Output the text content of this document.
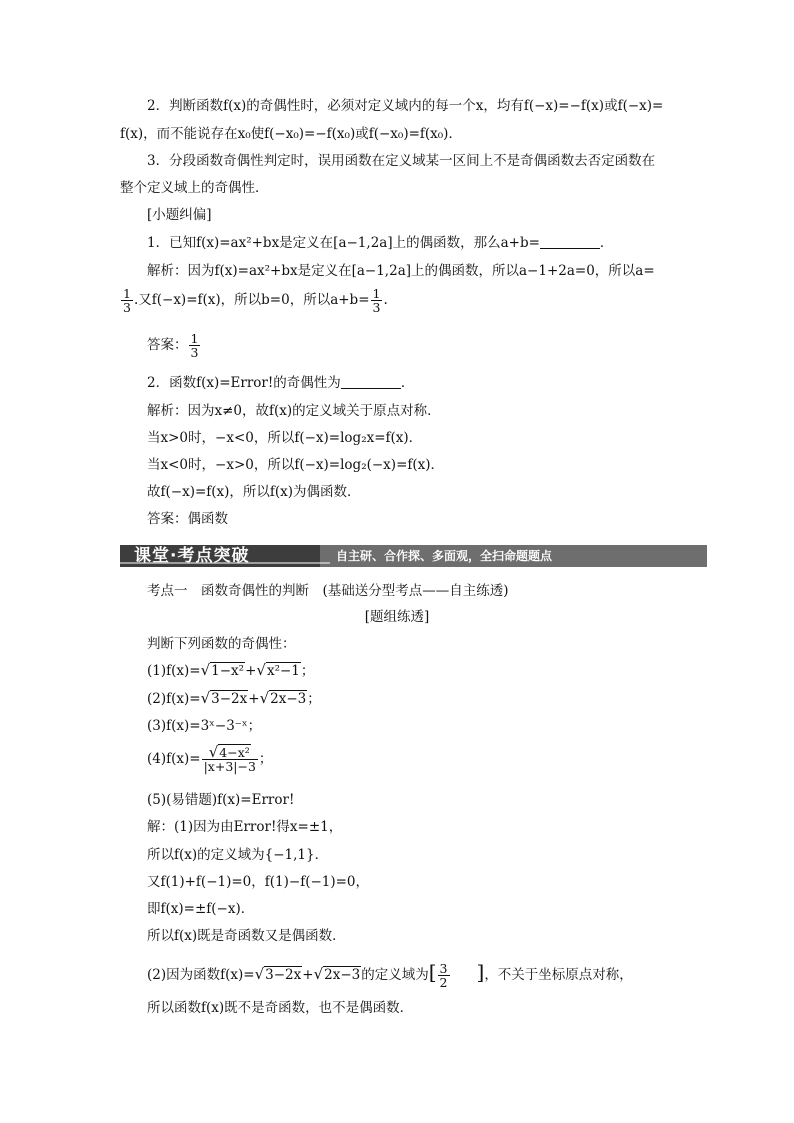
2．判断函数f(x)的奇偶性时，必须对定义域内的每一个x，均有f(−x)=−f(x)或f(−x)=
f(x)，而不能说存在x₀使f(−x₀)=−f(x₀)或f(−x₀)=f(x₀)．
3．分段函数奇偶性判定时，误用函数在定义域某一区间上不是奇偶函数去否定函数在
整个定义域上的奇偶性．
[小题纠偏]
1．已知f(x)=ax²+bx是定义在[a−1,2a]上的偶函数，那么a+b=	．
解析：因为f(x)=ax²+bx是定义在[a−1,2a]上的偶函数，所以a−1+2a=0，所以a=
$\frac{1}{3}$ .又f(−x)=f(x)，所以b=0，所以$a+b= \frac{1}{3}$ .
答案： $\frac{1}{3}$
2．函数f(x)=Error!的奇偶性为	．
解析：因为x≠0，故f(x)的定义域关于原点对称．
当x>0时，−x<0，所以f(−x)=log₂x=f(x)．
当x<0时，−x>0，所以f(−x)=log₂(−x)=f(x)．
故f(−x)=f(x)，所以f(x)为偶函数．
答案：偶函数
课堂·考点突破	自主研、合作探、多面观，全扫命题题点
考点一　函数奇偶性的判断　(基础送分型考点——自主练透)
[题组练透]
判断下列函数的奇偶性：
(1)f(x)=√1−x²+√x²−1；
(2)f(x)=√3−2x+√2x−3；
(3)f(x)=3ˣ−3⁻ˣ；
$(4)f(x)= \frac{\text{√4−x²}}{|x+3|-3}$ ；
(5)(易错题)f(x)=Error!
解：(1)因为由Error!得x=±1，
所以f(x)的定义域为{−1,1}．
又f(1)+f(−1)=0，f(1)−f(−1)=0，
即f(x)=±f(−x)．
所以f(x)既是奇函数又是偶函数．
(2)因为函数f(x)=√3−2x+√2x−3的定义域为[ $\frac{3}{2}$ ]，不关于坐标原点对称，
所以函数f(x)既不是奇函数，也不是偶函数．
